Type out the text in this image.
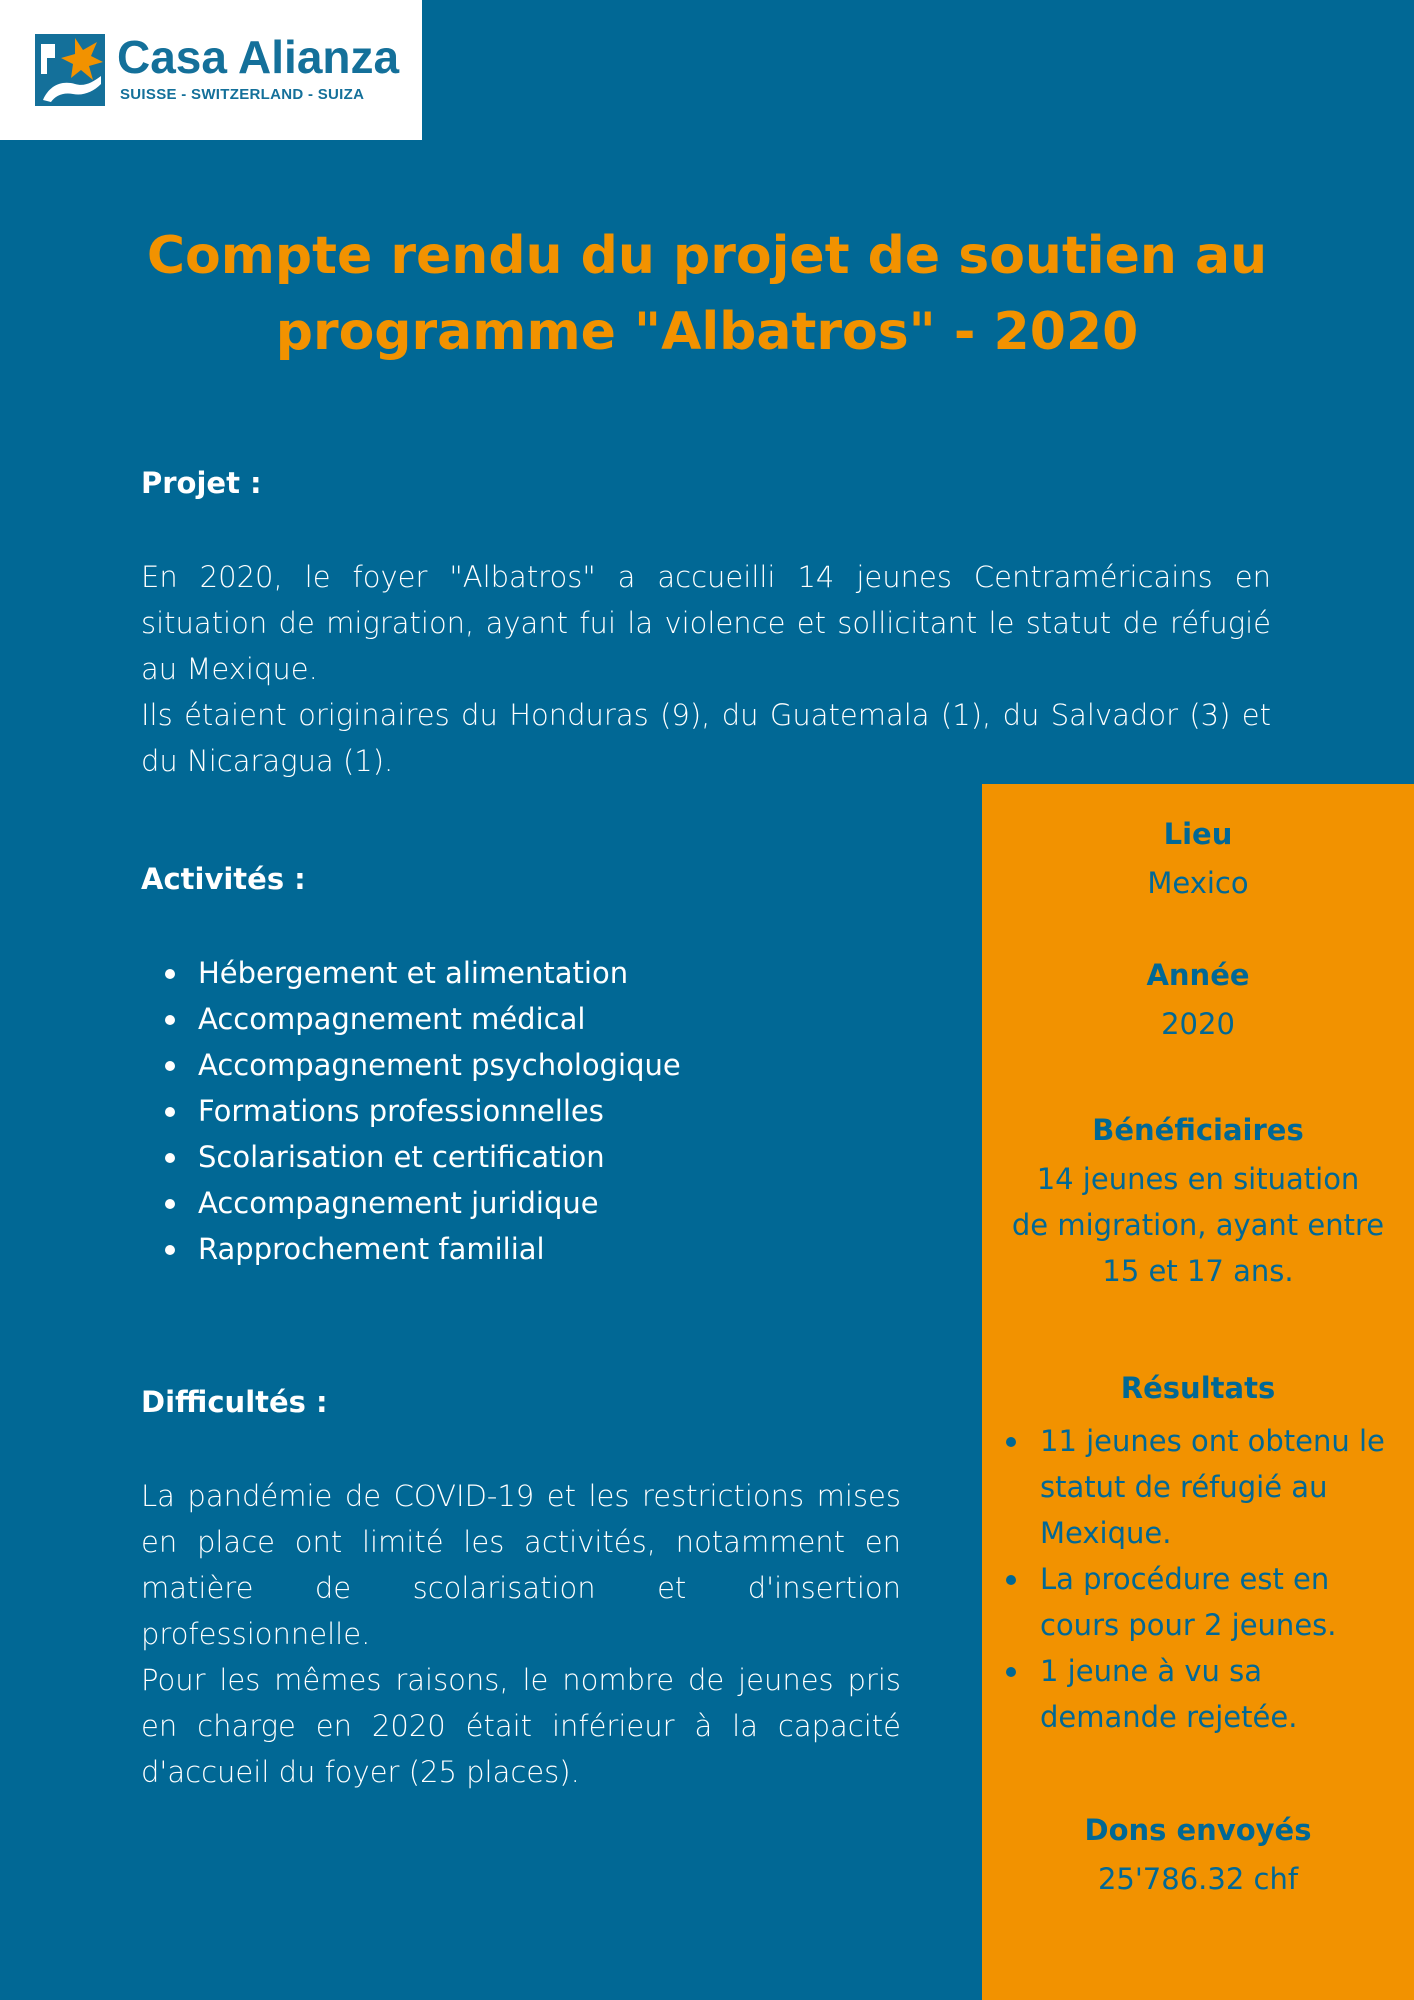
Casa Alianza
SUISSE - SWITZERLAND - SUIZA
Compte rendu du projet de soutien au programme "Albatros" - 2020
Projet :

En 2020, le foyer "Albatros" a accueilli 14 jeunes Centraméricains en situation de migration, ayant fui la violence et sollicitant le statut de réfugié au Mexique.

Ils étaient originaires du Honduras (9), du Guatemala (1), du Salvador (3) et du Nicaragua (1).

Activités :
Hébergement et alimentation
Accompagnement médical
Accompagnement psychologique
Formations professionnelles
Scolarisation et certification
Accompagnement juridique
Rapprochement familial
Difficultés :

La pandémie de COVID-19 et les restrictions mises en place ont limité les activités, notamment en matière de scolarisation et d'insertion professionnelle.

Pour les mêmes raisons, le nombre de jeunes pris en charge en 2020 était inférieur à la capacité d'accueil du foyer (25 places).

Lieu
Mexico
Année
2020
Bénéficiaires

14 jeunes en situation

de migration, ayant entre

15 et 17 ans.

Résultats
11 jeunes ont obtenu le statut de réfugié au Mexique.
La procédure est en cours pour 2 jeunes.
1 jeune à vu sa demande rejetée.
Dons envoyés
25'786.32 chf
